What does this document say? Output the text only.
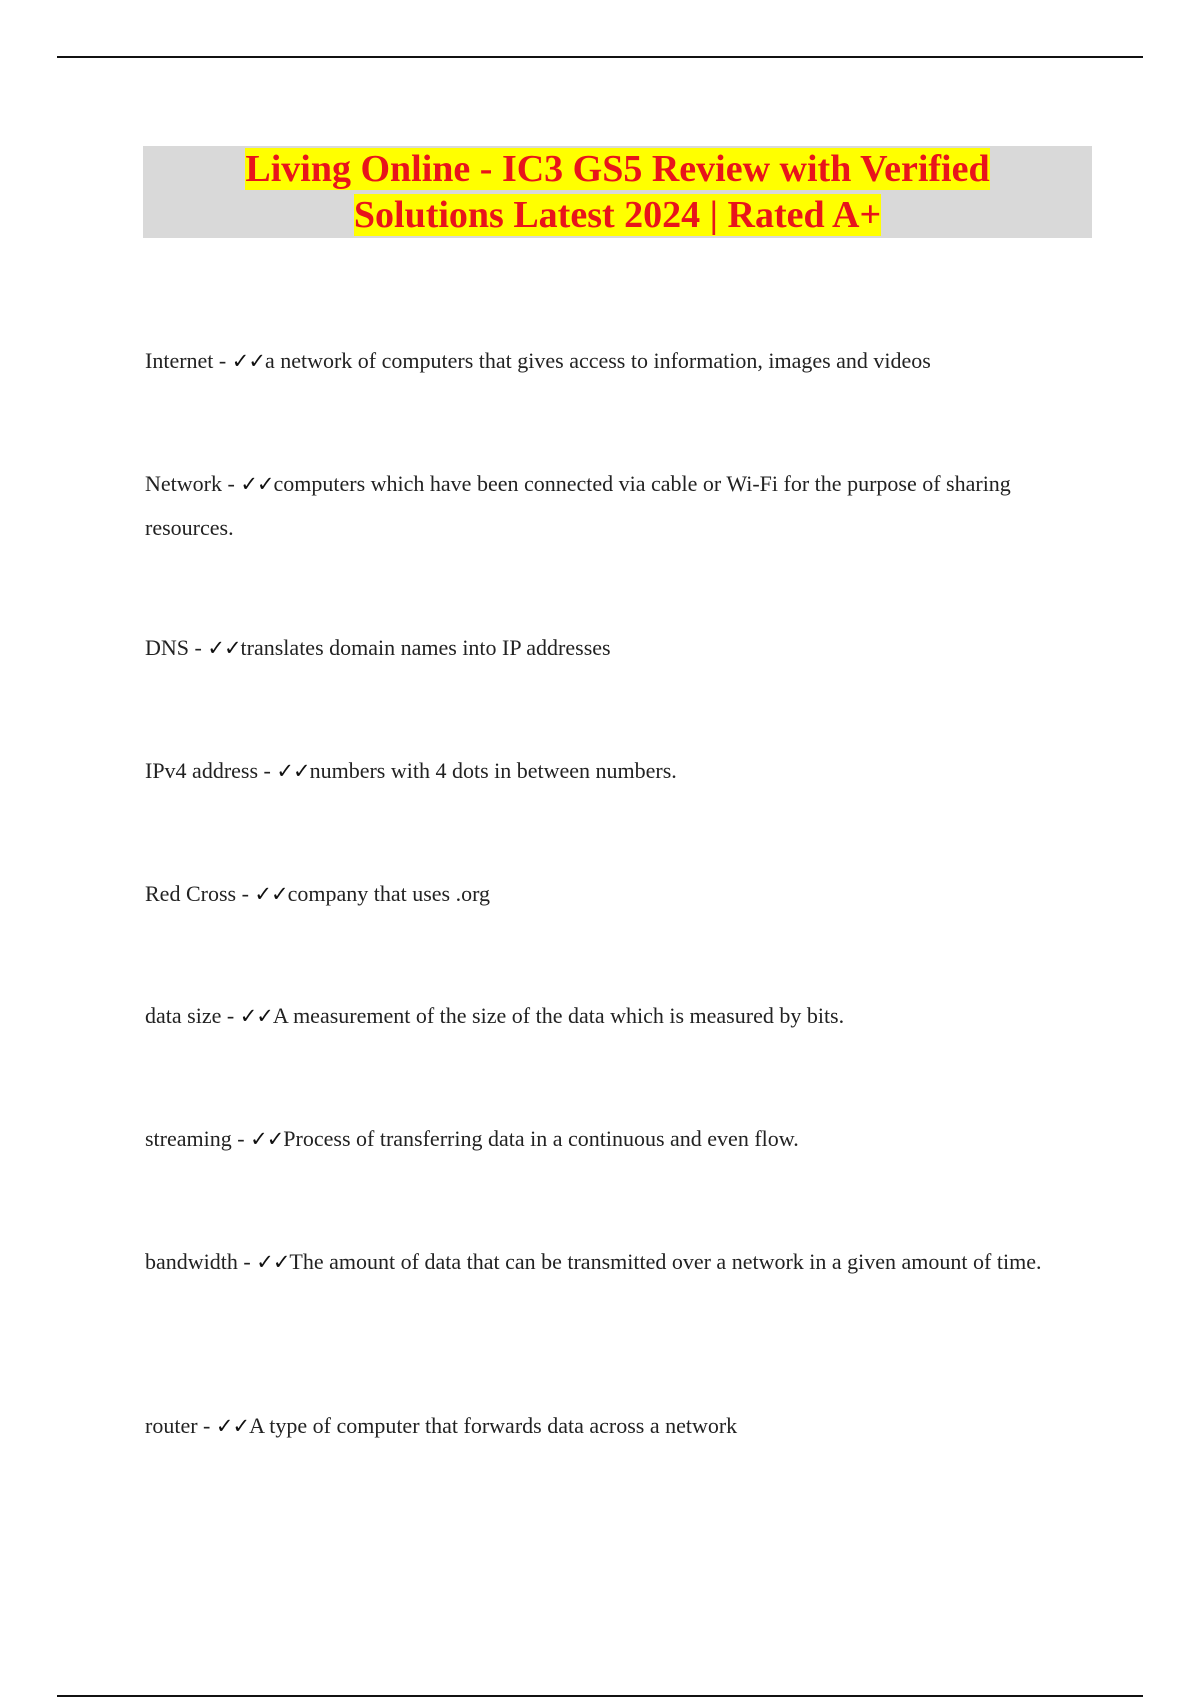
Living Online - IC3 GS5 Review with Verified
Solutions Latest 2024 | Rated A+
Internet - ✓✓a network of computers that gives access to information, images and videos
Network - ✓✓computers which have been connected via cable or Wi-Fi for the purpose of sharing resources.
DNS - ✓✓translates domain names into IP addresses
IPv4 address - ✓✓numbers with 4 dots in between numbers.
Red Cross - ✓✓company that uses .org
data size - ✓✓A measurement of the size of the data which is measured by bits.
streaming - ✓✓Process of transferring data in a continuous and even flow.
bandwidth - ✓✓The amount of data that can be transmitted over a network in a given amount of time.
router - ✓✓A type of computer that forwards data across a network
